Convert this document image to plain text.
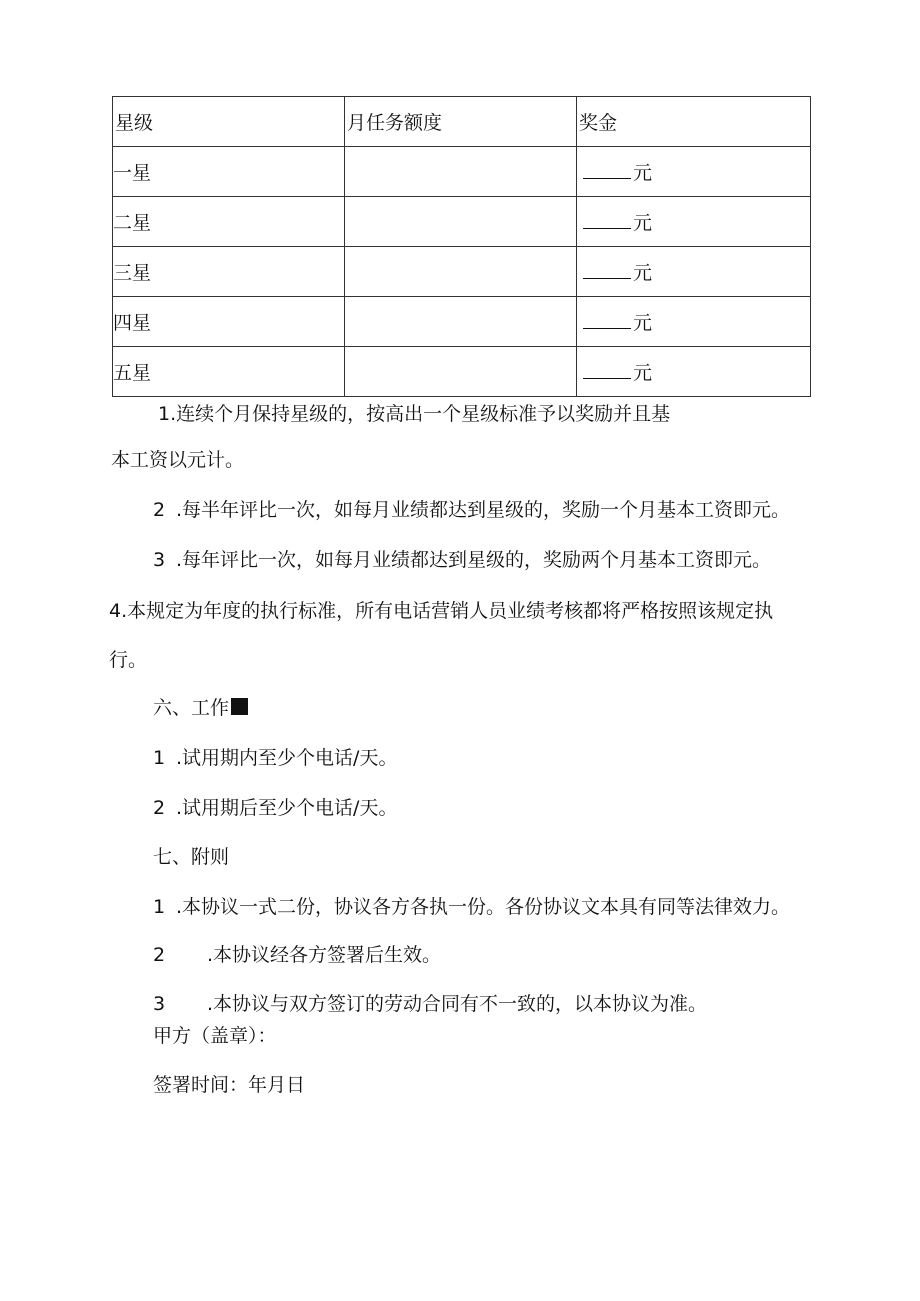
星级	月任务额度	奖金
一星		元
二星		元
三星		元
四星		元
五星		元
1.连续个月保持星级的，按高出一个星级标准予以奖励并且基
本工资以元计。
2 .每半年评比一次，如每月业绩都达到星级的，奖励一个月基本工资即元。
3 .每年评比一次，如每月业绩都达到星级的，奖励两个月基本工资即元。
4.本规定为年度的执行标准，所有电话营销人员业绩考核都将严格按照该规定执
行。
六、工作
1 .试用期内至少个电话/天。
2 .试用期后至少个电话/天。
七、附则
1 .本协议一式二份，协议各方各执一份。各份协议文本具有同等法律效力。
2 .本协议经各方签署后生效。
3 .本协议与双方签订的劳动合同有不一致的，以本协议为准。
甲方（盖章）：
签署时间：年月日
